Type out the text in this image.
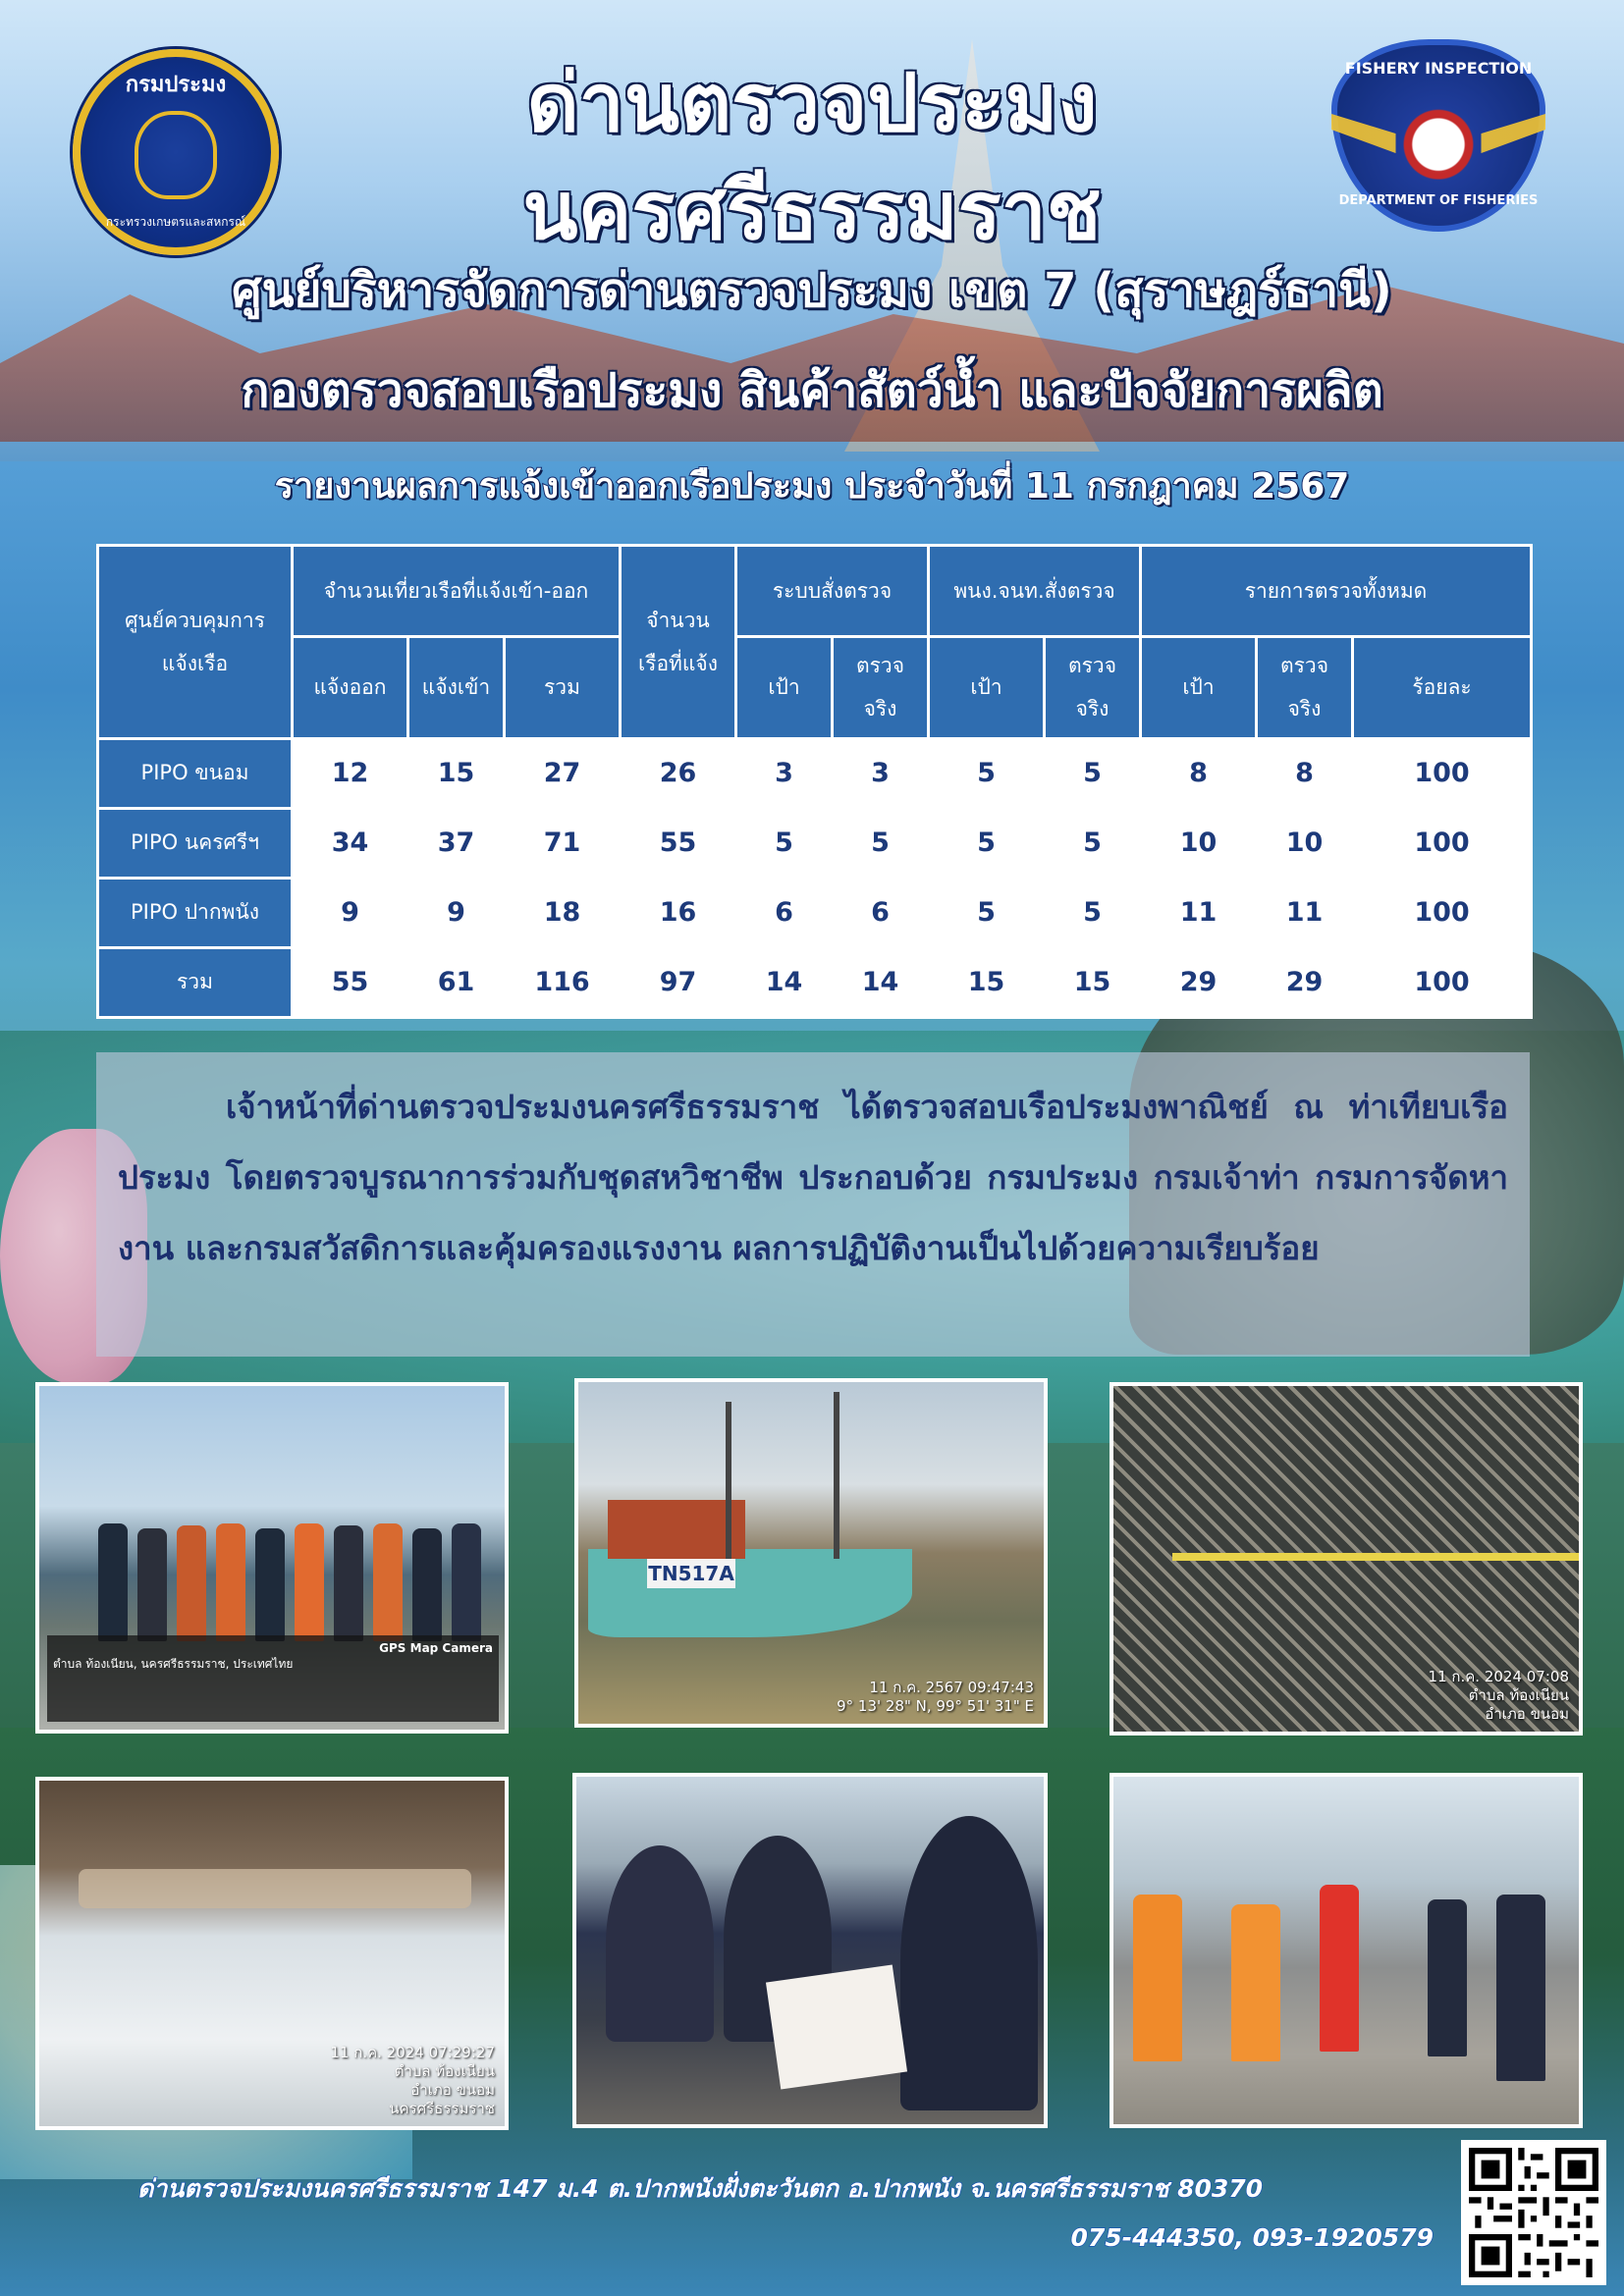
กรมประมง
กระทรวงเกษตรและสหกรณ์
FISHERY INSPECTION
DEPARTMENT OF FISHERIES
ด่านตรวจประมง
นครศรีธรรมราช
ศูนย์บริหารจัดการด่านตรวจประมง เขต 7 (สุราษฎร์ธานี)
กองตรวจสอบเรือประมง สินค้าสัตว์น้ำ และปัจจัยการผลิต
รายงานผลการแจ้งเข้าออกเรือประมง ประจำวันที่ 11 กรกฎาคม 2567
ศูนย์ควบคุมการแจ้งเรือ	จำนวนเที่ยวเรือที่แจ้งเข้า-ออก			จำนวนเรือที่แจ้ง	ระบบสั่งตรวจ		พนง.จนท.สั่งตรวจ		รายการตรวจทั้งหมด		
	แจ้งออก	แจ้งเข้า	รวม		เป้า	ตรวจจริง	เป้า	ตรวจจริง	เป้า	ตรวจจริง	ร้อยละ
PIPO ขนอม	12	15	27	26	3	3	5	5	8	8	100
PIPO นครศรีฯ	34	37	71	55	5	5	5	5	10	10	100
PIPO ปากพนัง	9	9	18	16	6	6	5	5	11	11	100
รวม	55	61	116	97	14	14	15	15	29	29	100

เจ้าหน้าที่ด่านตรวจประมงนครศรีธรรมราช ได้ตรวจสอบเรือประมงพาณิชย์ ณ ท่าเทียบเรือประมง โดยตรวจบูรณาการร่วมกับชุดสหวิชาชีพ ประกอบด้วย กรมประมง กรมเจ้าท่า กรมการจัดหางาน และกรมสวัสดิการและคุ้มครองแรงงาน ผลการปฏิบัติงานเป็นไปด้วยความเรียบร้อย

GPS Map Camera
ตำบล ท้องเนียน, นครศรีธรรมราช, ประเทศไทย
TN517A
11 ก.ค. 2567 09:47:43
9° 13' 28" N, 99° 51' 31" E
11 ก.ค. 2024 07:08
ตำบล ท้องเนียน
อำเภอ ขนอม
11 ก.ค. 2024 07:29:27
ตำบล ท้องเนียน
อำเภอ ขนอม
นครศรีธรรมราช
ด่านตรวจประมงนครศรีธรรมราช 147 ม.4 ต.ปากพนังฝั่งตะวันตก อ.ปากพนัง จ.นครศรีธรรมราช 80370
075-444350, 093-1920579
